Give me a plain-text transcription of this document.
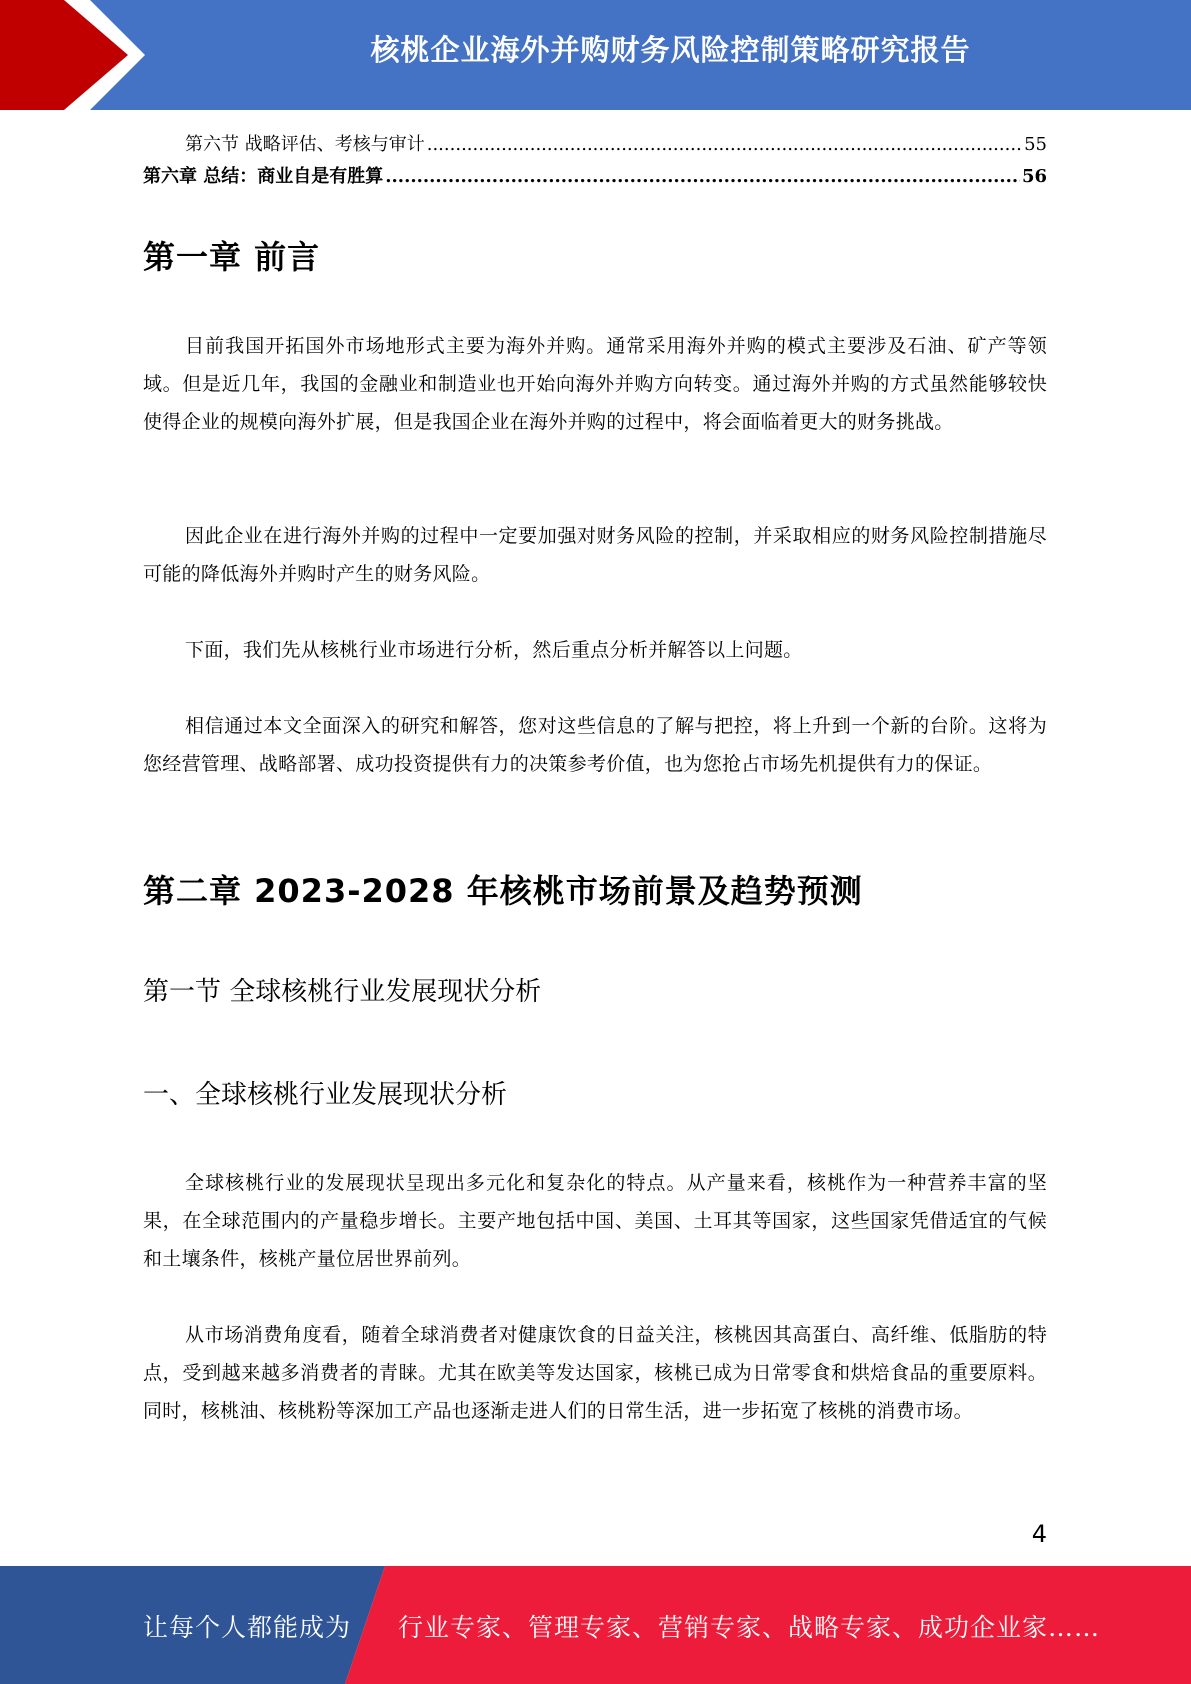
核桃企业海外并购财务风险控制策略研究报告
第六节 战略评估、考核与审计 .....	55
第六章 总结：商业自是有胜算 .....	56
第一章 前言
目前我国开拓国外市场地形式主要为海外并购。通常采用海外并购的模式主要涉及石油、矿产等领域。但是近几年，我国的金融业和制造业也开始向海外并购方向转变。通过海外并购的方式虽然能够较快使得企业的规模向海外扩展，但是我国企业在海外并购的过程中，将会面临着更大的财务挑战。
因此企业在进行海外并购的过程中一定要加强对财务风险的控制，并采取相应的财务风险控制措施尽可能的降低海外并购时产生的财务风险。
下面，我们先从核桃行业市场进行分析，然后重点分析并解答以上问题。
相信通过本文全面深入的研究和解答，您对这些信息的了解与把控，将上升到一个新的台阶。这将为您经营管理、战略部署、成功投资提供有力的决策参考价值，也为您抢占市场先机提供有力的保证。
第二章 2023-2028 年核桃市场前景及趋势预测
第一节 全球核桃行业发展现状分析
一、全球核桃行业发展现状分析
全球核桃行业的发展现状呈现出多元化和复杂化的特点。从产量来看，核桃作为一种营养丰富的坚果，在全球范围内的产量稳步增长。主要产地包括中国、美国、土耳其等国家，这些国家凭借适宜的气候和土壤条件，核桃产量位居世界前列。
从市场消费角度看，随着全球消费者对健康饮食的日益关注，核桃因其高蛋白、高纤维、低脂肪的特点，受到越来越多消费者的青睐。尤其在欧美等发达国家，核桃已成为日常零食和烘焙食品的重要原料。同时，核桃油、核桃粉等深加工产品也逐渐走进人们的日常生活，进一步拓宽了核桃的消费市场。
4
让每个人都能成为 行业专家、管理专家、营销专家、战略专家、成功企业家……
